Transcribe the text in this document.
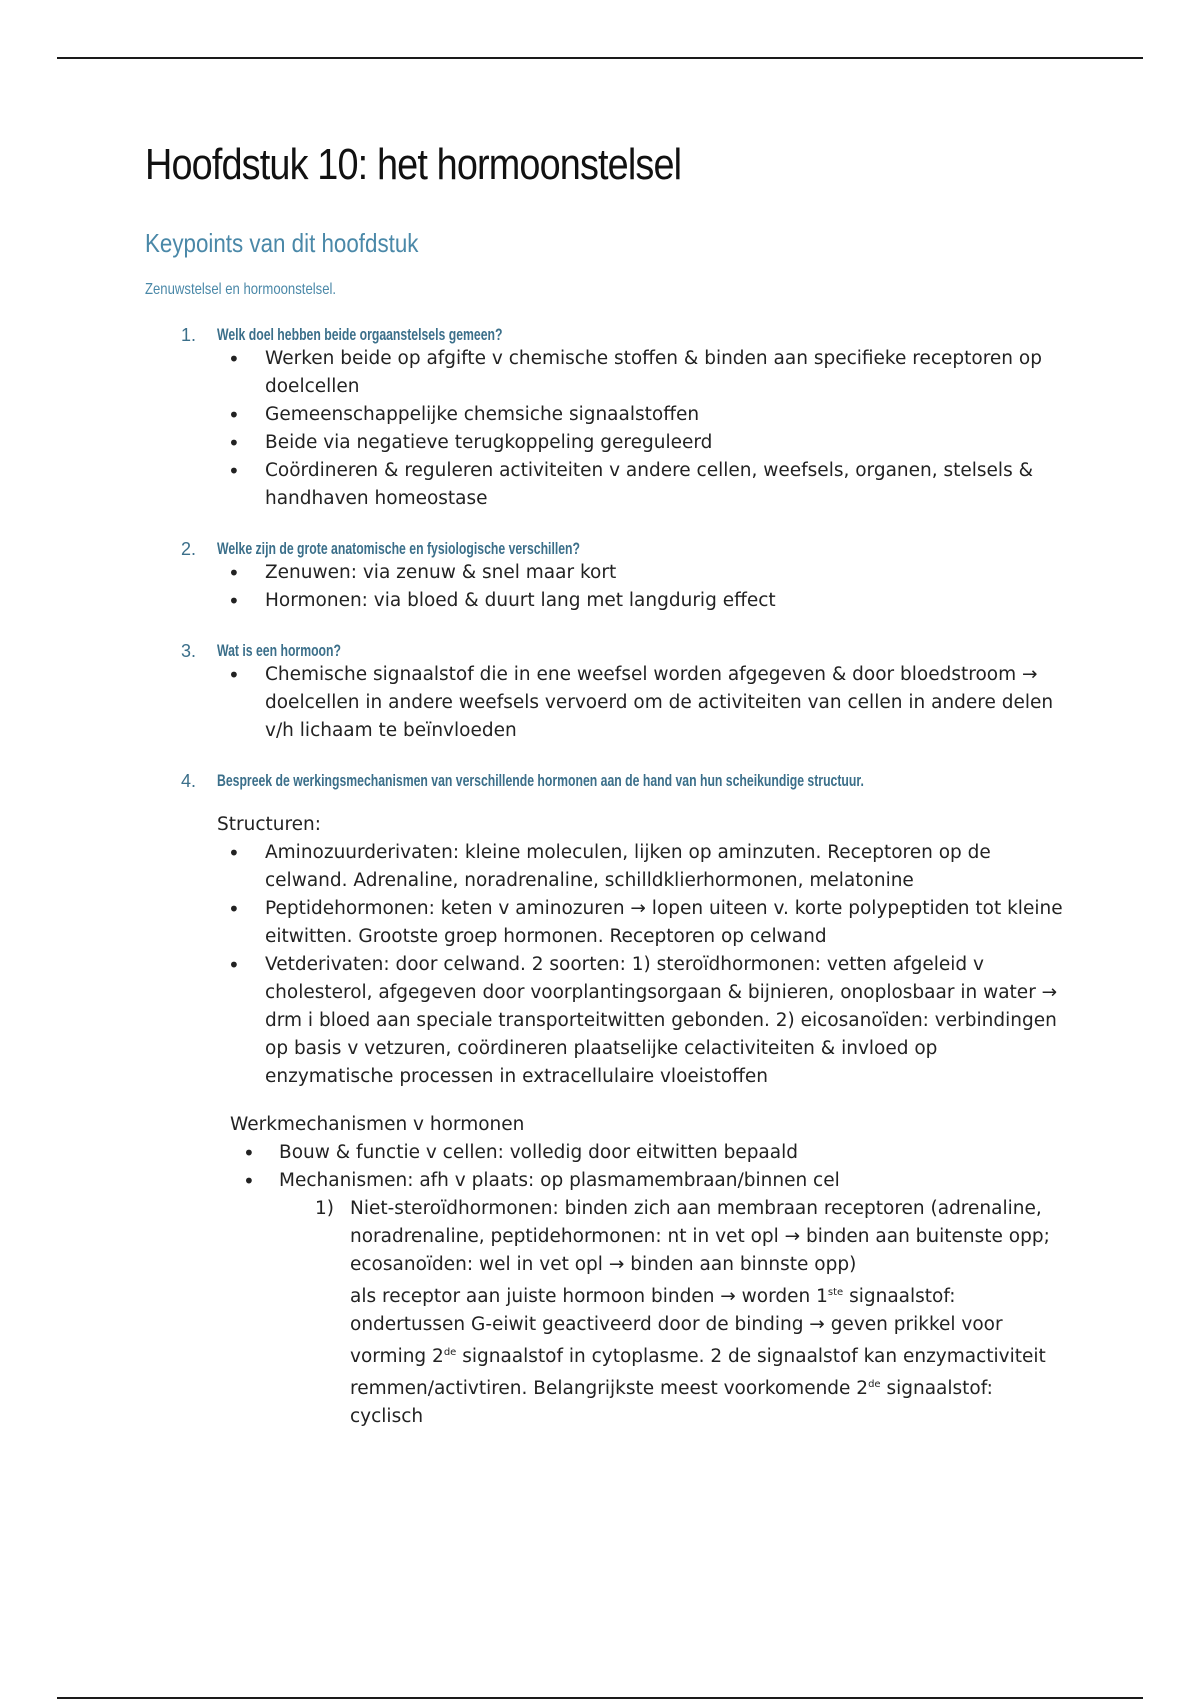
Hoofdstuk 10: het hormoonstelsel
Keypoints van dit hoofdstuk
Zenuwstelsel en hormoonstelsel.
1. Welk doel hebben beide orgaanstelsels gemeen?
• Werken beide op afgifte v chemische stoffen & binden aan specifieke receptoren op doelcellen
• Gemeenschappelijke chemsiche signaalstoffen
• Beide via negatieve terugkoppeling gereguleerd
• Coördineren & reguleren activiteiten v andere cellen, weefsels, organen, stelsels & handhaven homeostase
2. Welke zijn de grote anatomische en fysiologische verschillen?
• Zenuwen: via zenuw & snel maar kort
• Hormonen: via bloed & duurt lang met langdurig effect
3. Wat is een hormoon?
• Chemische signaalstof die in ene weefsel worden afgegeven & door bloedstroom → doelcellen in andere weefsels vervoerd om de activiteiten van cellen in andere delen v/h lichaam te beïnvloeden
4. Bespreek de werkingsmechanismen van verschillende hormonen aan de hand van hun scheikundige structuur.
Structuren:
• Aminozuurderivaten: kleine moleculen, lijken op aminzuten. Receptoren op de celwand. Adrenaline, noradrenaline, schilldklierhormonen, melatonine
• Peptidehormonen: keten v aminozuren → lopen uiteen v. korte polypeptiden tot kleine eitwitten. Grootste groep hormonen. Receptoren op celwand
• Vetderivaten: door celwand. 2 soorten: 1) steroïdhormonen: vetten afgeleid v cholesterol, afgegeven door voorplantingsorgaan & bijnieren, onoplosbaar in water → drm i bloed aan speciale transporteitwitten gebonden. 2) eicosanoïden: verbindingen op basis v vetzuren, coördineren plaatselijke celactiviteiten & invloed op enzymatische processen in extracellulaire vloeistoffen
Werkmechanismen v hormonen
• Bouw & functie v cellen: volledig door eitwitten bepaald
• Mechanismen: afh v plaats: op plasmamembraan/binnen cel
1) Niet-steroïdhormonen: binden zich aan membraan receptoren (adrenaline, noradrenaline, peptidehormonen: nt in vet opl → binden aan buitenste opp; ecosanoïden: wel in vet opl → binden aan binnste opp)
als receptor aan juiste hormoon binden → worden 1ste signaalstof: ondertussen G-eiwit geactiveerd door de binding → geven prikkel voor vorming 2de signaalstof in cytoplasme. 2 de signaalstof kan enzymactiviteit remmen/activtiren. Belangrijkste meest voorkomende 2de signaalstof: cyclisch
